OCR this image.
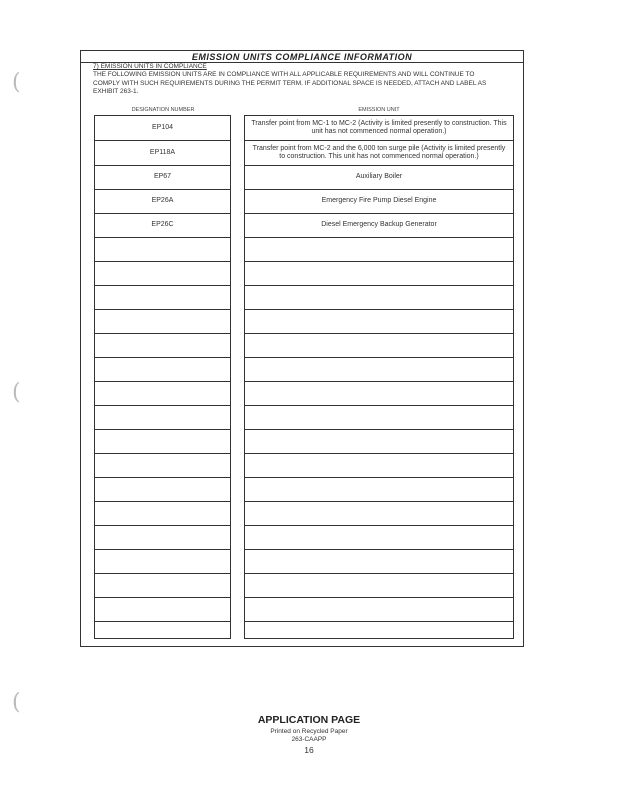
(
(
(
EMISSION UNITS COMPLIANCE INFORMATION
7) EMISSION UNITS IN COMPLIANCE
THE FOLLOWING EMISSION UNITS ARE IN COMPLIANCE WITH ALL APPLICABLE REQUIREMENTS AND WILL CONTINUE TO COMPLY WITH SUCH REQUIREMENTS DURING THE PERMIT TERM. IF ADDITIONAL SPACE IS NEEDED, ATTACH AND LABEL AS EXHIBIT 263-1.
DESIGNATION NUMBER	EMISSION UNIT
EP104
EP118A
EP67
EP26A
EP26C
Transfer point from MC-1 to MC-2 (Activity is limited presently to construction. This unit has not commenced normal operation.)
Transfer point from MC-2 and the 6,000 ton surge pile (Activity is limited presently to construction. This unit has not commenced normal operation.)
Auxiliary Boiler
Emergency Fire Pump Diesel Engine
Diesel Emergency Backup Generator
APPLICATION PAGE
Printed on Recycled Paper
263-CAAPP
16
